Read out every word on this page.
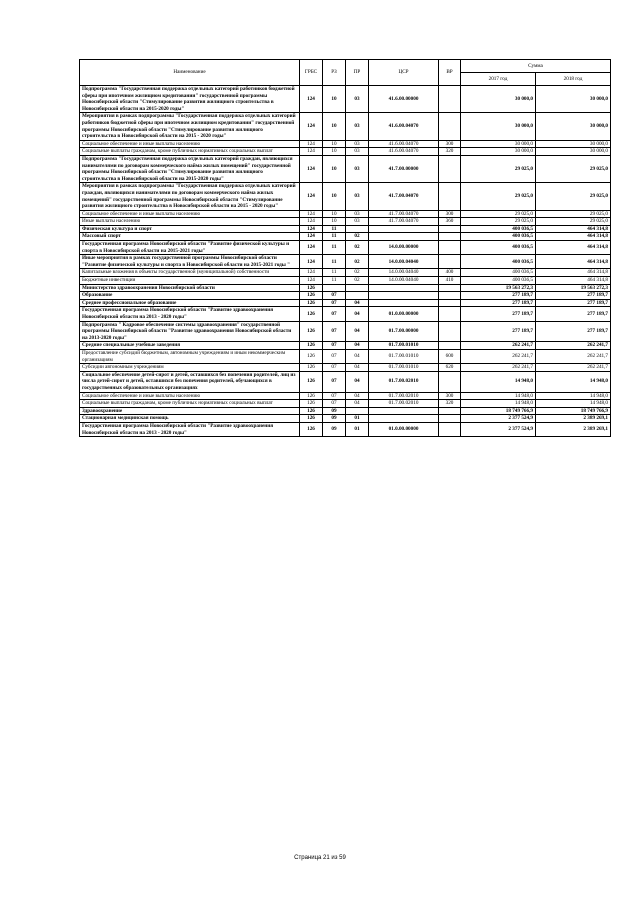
Наименование	ГРБС	РЗ	ПР	ЦСР	ВР	Сумма	
						2017 год	2018 год
Подпрограмма "Государственная поддержка отдельных категорий работников бюджетной сферы при ипотечном жилищном кредитовании" государственной программы Новосибирской области "Стимулирование развития жилищного строительства в Новосибирской области на 2015-2020 годы"	124	10	03	41.6.00.00000		30 000,0	30 000,0
Мероприятия в рамках подпрограммы "Государственная поддержка отдельных категорий работников бюджетной сферы при ипотечном жилищном кредитовании" государственной программы Новосибирской области "Стимулирование развития жилищного строительства в Новосибирской области на 2015 - 2020 годы"	124	10	03	41.6.00.04070		30 000,0	30 000,0
Социальное обеспечение и иные выплаты населению	124	10	03	41.6.00.04070	300	30 000,0	30 000,0
Социальные выплаты гражданам, кроме публичных нормативных социальных выплат	124	10	03	41.6.00.04070	320	30 000,0	30 000,0
Подпрограмма "Государственная поддержка отдельных категорий граждан, являющихся нанимателями по договорам коммерческого найма жилых помещений" государственной программы Новосибирской области "Стимулирование развития жилищного строительства в Новосибирской области на 2015-2020 годы"	124	10	03	41.7.00.00000		29 025,0	29 025,0
Мероприятия в рамках подпрограммы "Государственная поддержка отдельных категорий граждан, являющихся нанимателями по договорам коммерческого найма жилых помещений" государственной программы Новосибирской области "Стимулирование развития жилищного строительства в Новосибирской области на 2015 - 2020 годы"	124	10	03	41.7.00.04070		29 025,0	29 025,0
Социальное обеспечение и иные выплаты населению	124	10	03	41.7.00.04070	300	29 025,0	29 025,0
Иные выплаты населению	124	10	03	41.7.00.04070	360	29 025,0	29 025,0
Физическая культура и спорт	124	11				400 036,5	464 314,8
Массовый спорт	124	11	02			400 036,5	464 314,8
Государственная программа Новосибирской области "Развитие физической культуры и спорта в Новосибирской области на 2015-2021 годы"	124	11	02	14.0.00.00000		400 036,5	464 314,8
Иные мероприятия в рамках государственной программы Новосибирской области "Развитие физической культуры и спорта в Новосибирской области на 2015-2021 годы "	124	11	02	14.0.00.04040		400 036,5	464 314,8
Капитальные вложения в объекты государственной (муниципальной) собственности	124	11	02	14.0.00.04040	400	400 036,5	464 314,8
Бюджетные инвестиции	124	11	02	14.0.00.04040	410	400 036,5	464 314,8
Министерство здравоохранения Новосибирской области	126					19 563 272,3	19 563 272,3
Образование	126	07				277 189,7	277 189,7
Среднее профессиональное образование	126	07	04			277 189,7	277 189,7
Государственная программа Новосибирской области "Развитие здравоохранения Новосибирской области на 2013 - 2020 годы"	126	07	04	01.0.00.00000		277 189,7	277 189,7
Подпрограмма " Кадровое обеспечение системы здравоохранения" государственной программы Новосибирской области "Развитие здравоохранения Новосибирской области на 2013-2020 годы"	126	07	04	01.7.00.00000		277 189,7	277 189,7
Средние специальные учебные заведения	126	07	04	01.7.00.01010		262 241,7	262 241,7
Предоставление субсидий бюджетным, автономным учреждениям и иным некоммерческим организациям	126	07	04	01.7.00.01010	600	262 241,7	262 241,7
Субсидии автономным учреждениям	126	07	04	01.7.00.01010	620	262 241,7	262 241,7
Социальное обеспечение детей-сирот и детей, оставшихся без попечения родителей, лиц из числа детей-сирот и детей, оставшихся без попечения родителей, обучающихся в государственных образовательных организациях	126	07	04	01.7.00.02010		14 948,0	14 948,0
Социальное обеспечение и иные выплаты населению	126	07	04	01.7.00.02010	300	14 948,0	14 948,0
Социальные выплаты гражданам, кроме публичных нормативных социальных выплат	126	07	04	01.7.00.02010	320	14 948,0	14 948,0
Здравоохранение	126	09				18 749 766,9	18 749 766,9
Стационарная медицинская помощь	126	09	01			2 377 524,9	2 389 269,1
Государственная программа Новосибирской области "Развитие здравоохранения Новосибирской области на 2013 - 2020 годы"	126	09	01	01.0.00.00000		2 377 524,9	2 389 269,1
Страница 21 из 59
